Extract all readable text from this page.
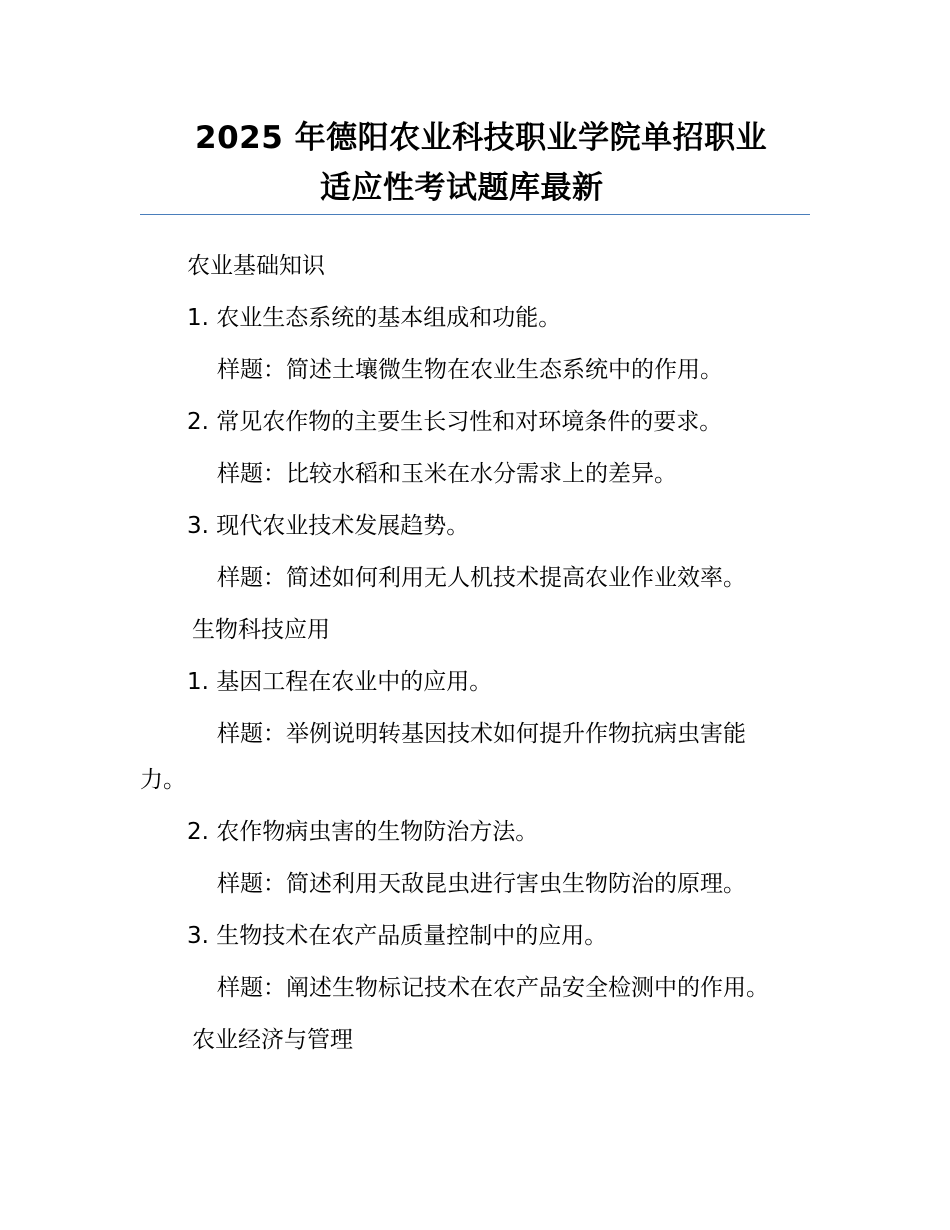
2025 年德阳农业科技职业学院单招职业
适应性考试题库最新
农业基础知识
1. 农业生态系统的基本组成和功能。
样题：简述土壤微生物在农业生态系统中的作用。
2. 常见农作物的主要生长习性和对环境条件的要求。
样题：比较水稻和玉米在水分需求上的差异。
3. 现代农业技术发展趋势。
样题：简述如何利用无人机技术提高农业作业效率。
生物科技应用
1. 基因工程在农业中的应用。
样题：举例说明转基因技术如何提升作物抗病虫害能
力。
2. 农作物病虫害的生物防治方法。
样题：简述利用天敌昆虫进行害虫生物防治的原理。
3. 生物技术在农产品质量控制中的应用。
样题：阐述生物标记技术在农产品安全检测中的作用。
农业经济与管理
